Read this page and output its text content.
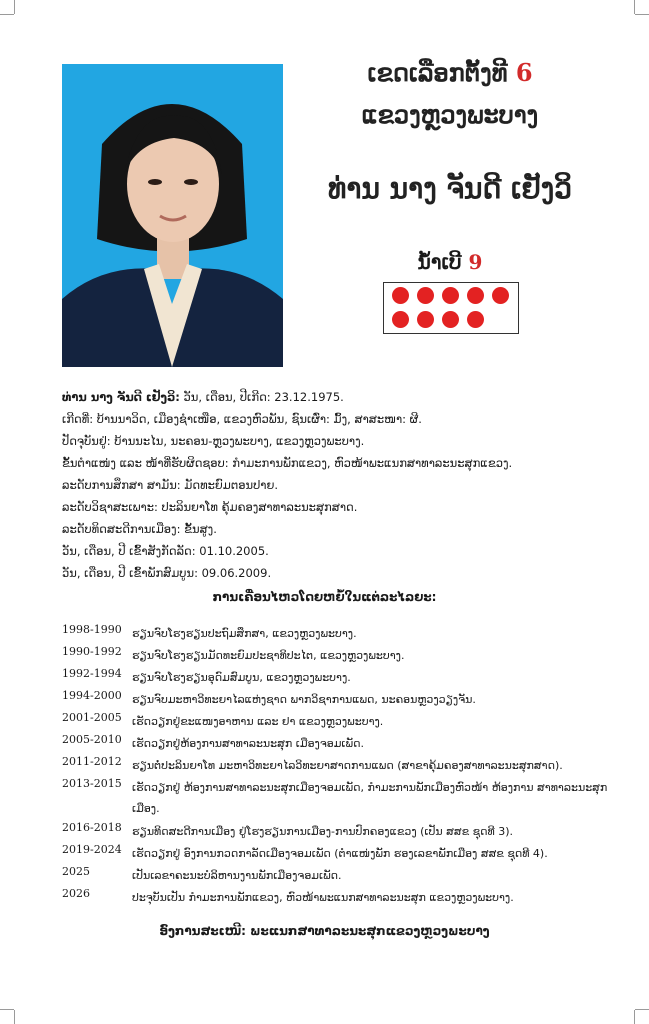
ເຂດເລືອກຕັ້ງທີ 6
ແຂວງຫຼວງພະບາງ
ທ່ານ ນາງ ຈັນດີ ເຢັງວິ
ນໍ້າເບີ 9
ທ່ານ ນາງ ຈັນດີ ເຢັງວິ: ວັນ, ເດືອນ, ປີເກີດ: 23.12.1975.
ເກີດທີ່: ບ້ານນາວິດ, ເມືອງຊຳເໜືອ, ແຂວງຫົວພັນ, ຊົນເຜົ່າ: ມົ້ງ, ສາສະໜາ: ຜີ.
ປັດຈຸບັນຢູ່: ບ້ານນະໄນ, ນະຄອນ-ຫຼວງພະບາງ, ແຂວງຫຼວງພະບາງ.
ຂັ້ນຕຳແໜ່ງ ແລະ ໜ້າທີ່ຮັບຜິດຊອບ: ກຳມະການພັກແຂວງ, ຫົວໜ້າພະແນກສາທາລະນະສຸກແຂວງ.
ລະດັບການສຶກສາ ສາມັນ: ມັດທະຍົມຕອນປາຍ.
ລະດັບວິຊາສະເພາະ: ປະລິນຍາໂທ ຄຸ້ມຄອງສາທາລະນະສຸກສາດ.
ລະດັບທິດສະດີການເມືອງ: ຂັ້ນສູງ.
ວັນ, ເດືອນ, ປີ ເຂົ້າສັງກັດລັດ: 01.10.2005.
ວັນ, ເດືອນ, ປີ ເຂົ້າພັກສົມບູນ: 09.06.2009.
ການເຄື່ອນໄຫວໂດຍຫຍໍ້ໃນແຕ່ລະໄລຍະ:
1998-1990 ຮຽນຈົບໂຮງຮຽນປະຖົມສຶກສາ, ແຂວງຫຼວງພະບາງ.
1990-1992 ຮຽນຈົບໂຮງຮຽນມັດທະຍົມປະຊາທິປະໄຕ, ແຂວງຫຼວງພະບາງ.
1992-1994 ຮຽນຈົບໂຮງຮຽນອຸດົມສົມບູນ, ແຂວງຫຼວງພະບາງ.
1994-2000 ຮຽນຈົບມະຫາວິທະຍາໄລແຫ່ງຊາດ ພາກວິຊາການແພດ, ນະຄອນຫຼວງວຽງຈັນ.
2001-2005 ເຮັດວຽກຢູ່ຂະແໜງອາຫານ ແລະ ຢາ ແຂວງຫຼວງພະບາງ.
2005-2010 ເຮັດວຽກຢູ່ຫ້ອງການສາທາລະນະສຸກ ເມືອງຈອມເພັດ.
2011-2012 ຮຽນຕໍ່ປະລິນຍາໂທ ມະຫາວິທະຍາໄລວິທະຍາສາດການແພດ (ສາຂາຄຸ້ມຄອງສາທາລະນະສຸກສາດ).
2013-2015 ເຮັດວຽກຢູ່ ຫ້ອງການສາທາລະນະສຸກເມືອງຈອມເພັດ, ກຳມະການພັກເມືອງຫົວໜ້າ ຫ້ອງການ ສາທາລະນະສຸກເມືອງ.
2016-2018 ຮຽນທິດສະດີການເມືອງ ຢູ່ໂຮງຮຽນການເມືອງ-ການປົກຄອງແຂວງ (ເປັນ ສສຂ ຊຸດທີ 3).
2019-2024 ເຮັດວຽກຢູ່ ອົງການກວດກາລັດເມືອງຈອມເພັດ (ຕຳແໜ່ງພັກ ຮອງເລຂາພັກເມືອງ ສສຂ ຊຸດທີ 4).
2025	ເປັນເລຂາຄະນະບໍລິຫານງານພັກເມືອງຈອມເພັດ.
2026	ປະຈຸບັນເປັນ ກຳມະການພັກແຂວງ, ຫົວໜ້າພະແນກສາທາລະນະສຸກ ແຂວງຫຼວງພະບາງ.
ອົງການສະເໜີ: ພະແນກສາທາລະນະສຸກແຂວງຫຼວງພະບາງ
